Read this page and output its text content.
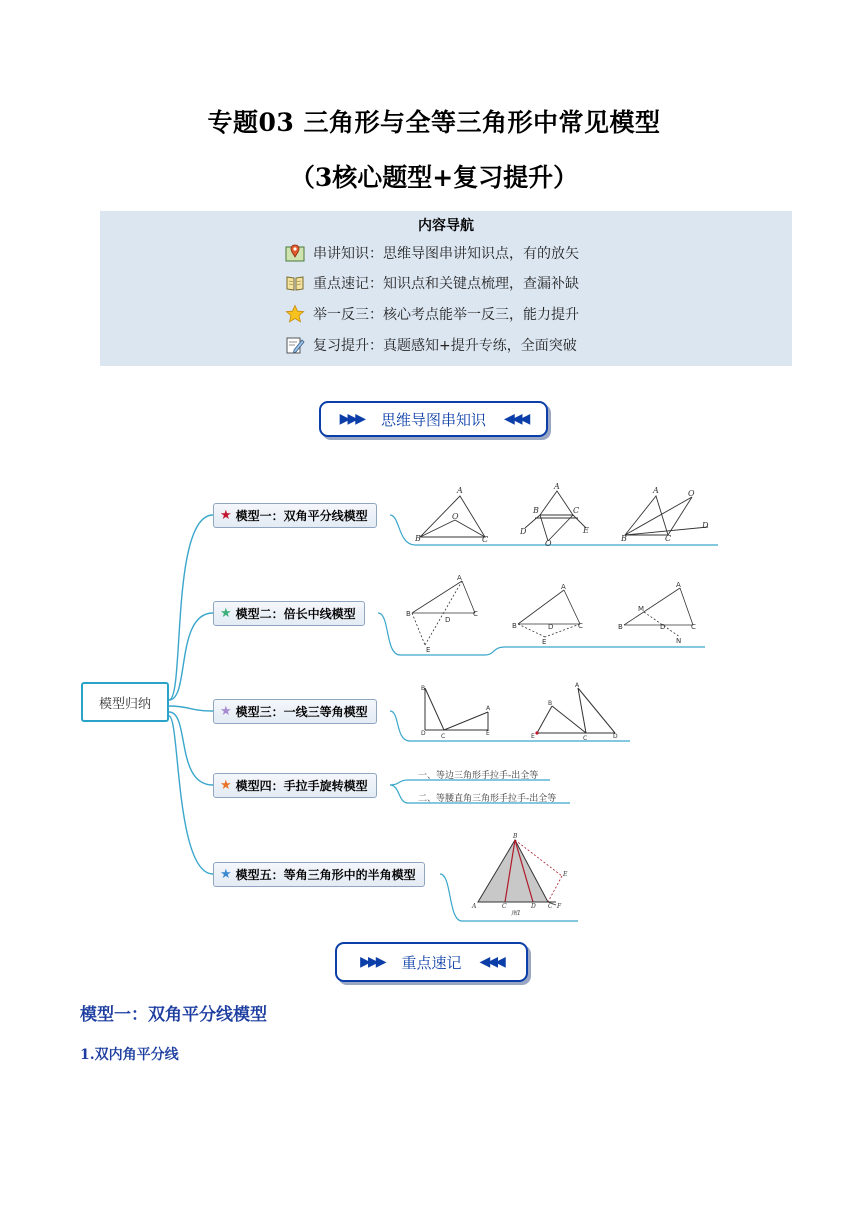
专题03 三角形与全等三角形中常见模型
（3核心题型+复习提升）
内容导航
串讲知识：思维导图串讲知识点，有的放矢
重点速记：知识点和关键点梳理，查漏补缺
举一反三：核心考点能举一反三，能力提升
复习提升：真题感知+提升专练，全面突破
▶▶▶ 思维导图串知识 ◀◀◀
A
B	C
O
A
B	C
D	E
O
A
B	C
O
D
A
B	C
D
E
A
B	C
D
E
A
B	C
D
M
N
B
D	C
A
E
A
B
E	C	D
B
A	C	D C F
E
图1
模型归纳
★ 模型一：双角平分线模型
★ 模型二：倍长中线模型
★ 模型三：一线三等角模型
★ 模型四：手拉手旋转模型
★ 模型五：等角三角形中的半角模型
一、等边三角形手拉手-出全等
二、等腰直角三角形手拉手-出全等
▶▶▶ 重点速记 ◀◀◀
模型一：双角平分线模型
1.双内角平分线
